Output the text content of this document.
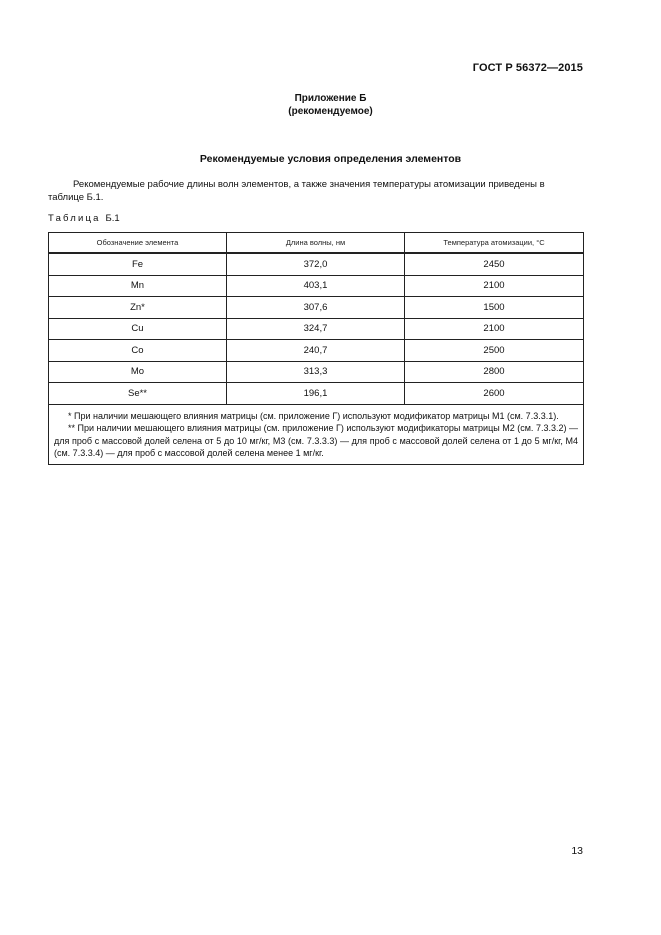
ГОСТ Р 56372—2015
Приложение Б
(рекомендуемое)
Рекомендуемые условия определения элементов
Рекомендуемые рабочие длины волн элементов, а также значения температуры атомизации приведены в таблице Б.1.
Таблица Б.1
Обозначение элемента	Длина волны, нм	Температура атомизации, °С
Fe	372,0	2450
Mn	403,1	2100
Zn*	307,6	1500
Cu	324,7	2100
Co	240,7	2500
Mo	313,3	2800
Se**	196,1	2600

* При наличии мешающего влияния матрицы (см. приложение Г) используют модификатор матрицы М1 (см. 7.3.3.1).
** При наличии мешающего влияния матрицы (см. приложение Г) используют модификаторы матрицы М2 (см. 7.3.3.2) — для проб с массовой долей селена от 5 до 10 мг/кг, М3 (см. 7.3.3.3) — для проб с массовой долей селена от 1 до 5 мг/кг, М4 (см. 7.3.3.4) — для проб с массовой долей селена менее 1 мг/кг.		
13
